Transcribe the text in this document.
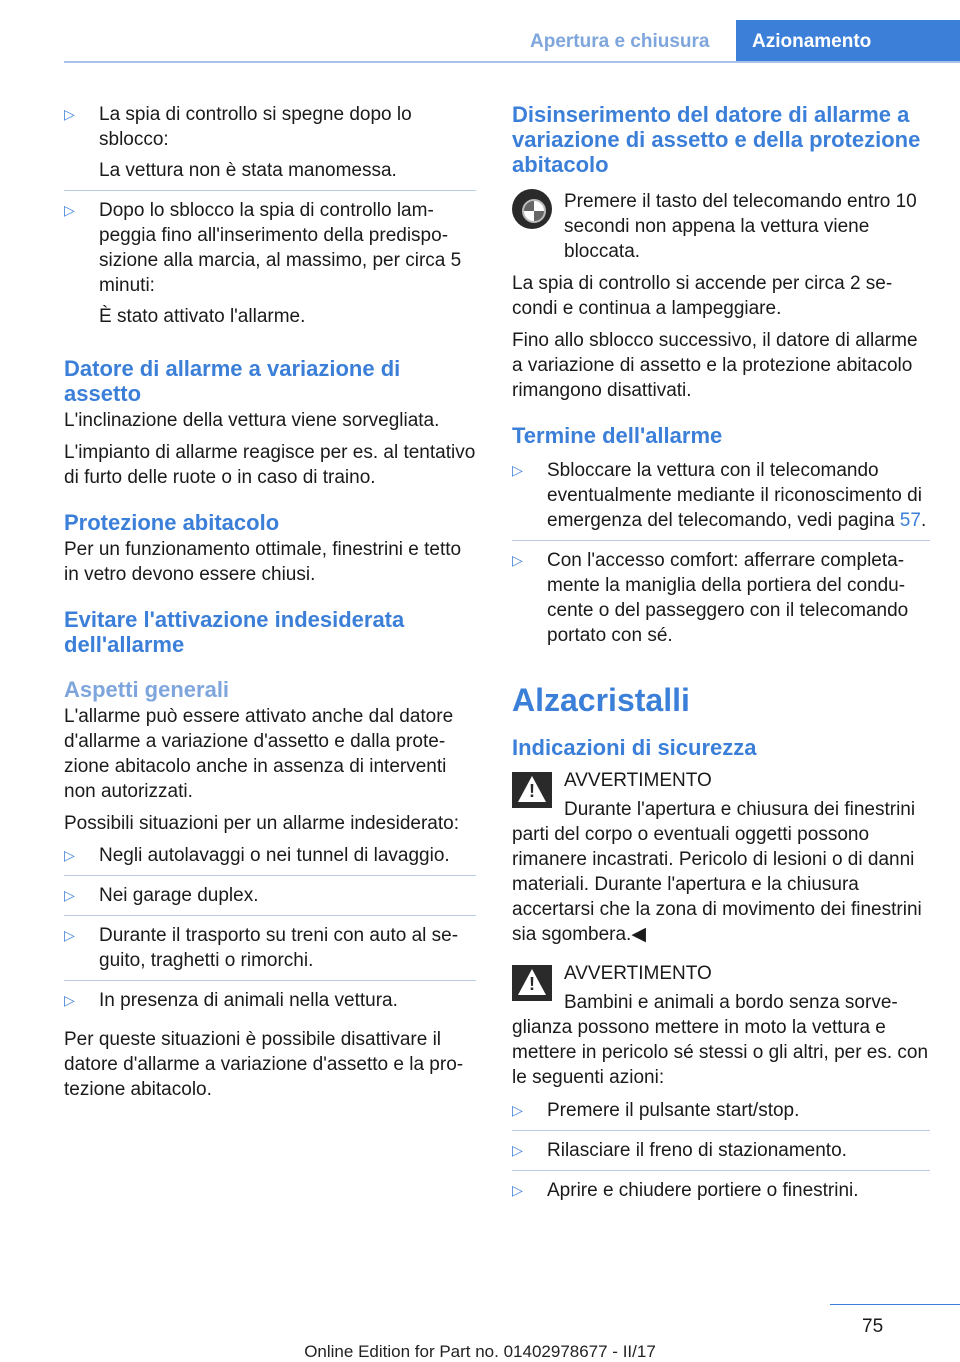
Apertura e chiusura	Azionamento
▷ La spia di controllo si spegne dopo lo sblocco:

La vettura non è stata manomessa.

▷ Dopo lo sblocco la spia di controllo lampeggia fino all'inserimento della predisposizione alla marcia, al massimo, per circa 5 minuti:

È stato attivato l'allarme.

Datore di allarme a variazione di assetto

L'inclinazione della vettura viene sorvegliata.

L'impianto di allarme reagisce per es. al tentativo di furto delle ruote o in caso di traino.

Protezione abitacolo

Per un funzionamento ottimale, finestrini e tetto in vetro devono essere chiusi.

Evitare l'attivazione indesiderata dell'allarme
Aspetti generali

L'allarme può essere attivato anche dal datore d'allarme a variazione d'assetto e dalla protezione abitacolo anche in assenza di interventi non autorizzati.

Possibili situazioni per un allarme indesiderato:

▷ Negli autolavaggi o nei tunnel di lavaggio.
▷ Nei garage duplex.
▷ Durante il trasporto su treni con auto al seguito, traghetti o rimorchi.
▷ In presenza di animali nella vettura.

Per queste situazioni è possibile disattivare il datore d'allarme a variazione d'assetto e la protezione abitacolo.

Disinserimento del datore di allarme a variazione di assetto e della protezione abitacolo

Premere il tasto del telecomando entro 10 secondi non appena la vettura viene bloccata.

La spia di controllo si accende per circa 2 secondi e continua a lampeggiare.

Fino allo sblocco successivo, il datore di allarme a variazione di assetto e la protezione abitacolo rimangono disattivati.

Termine dell'allarme
▷ Sbloccare la vettura con il telecomando eventualmente mediante il riconoscimento di emergenza del telecomando, vedi pagina 57.
▷ Con l'accesso comfort: afferrare completamente la maniglia della portiera del conducente o del passeggero con il telecomando portato con sé.
Alzacristalli
Indicazioni di sicurezza
!

AVVERTIMENTO

Durante l'apertura e chiusura dei finestrini parti del corpo o eventuali oggetti possono rimanere incastrati. Pericolo di lesioni o di danni materiali. Durante l'apertura e la chiusura accertarsi che la zona di movimento dei finestrini sia sgombera.◀

!

AVVERTIMENTO

Bambini e animali a bordo senza sorveglianza possono mettere in moto la vettura e mettere in pericolo sé stessi o gli altri, per es. con le seguenti azioni:

▷ Premere il pulsante start/stop.
▷ Rilasciare il freno di stazionamento.
▷ Aprire e chiudere portiere o finestrini.
75
Online Edition for Part no. 01402978677 - II/17
